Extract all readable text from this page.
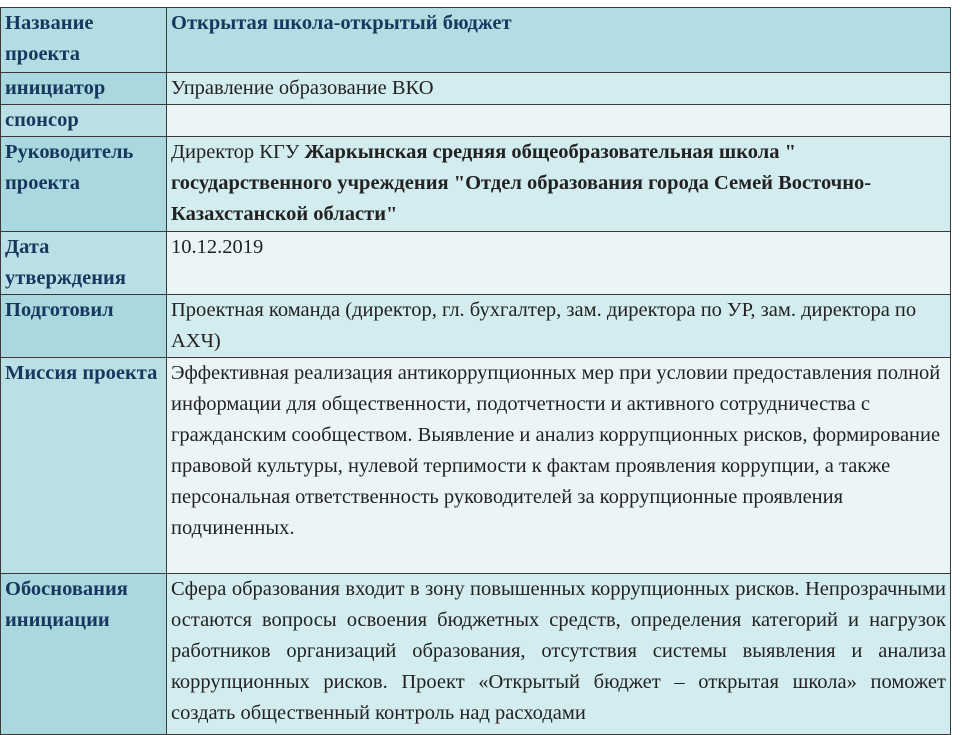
Название проекта	Открытая школа-открытый бюджет
инициатор	Управление образование ВКО
спонсор	
Руководитель проекта	Директор КГУ Жаркынская средняя общеобразовательная школа " государственного учреждения "Отдел образования города Семей Восточно-Казахстанской области"
Дата утверждения	10.12.2019
Подготовил	Проектная команда (директор, гл. бухгалтер, зам. директора по УР, зам. директора по АХЧ)
Миссия проекта	Эффективная реализация антикоррупционных мер при условии предоставления полной информации для общественности, подотчетности и активного сотрудничества с гражданским сообществом. Выявление и анализ коррупционных рисков, формирование правовой культуры, нулевой терпимости к фактам проявления коррупции, а также персональная ответственность руководителей за коррупционные проявления подчиненных.
Обоснования инициации	Сфера образования входит в зону повышенных коррупционных рисков. Непрозрачными остаются вопросы освоения бюджетных средств, определения категорий и нагрузок работников организаций образования, отсутствия системы выявления и анализа коррупционных рисков. Проект «Открытый бюджет – открытая школа» поможет создать общественный контроль над расходами
